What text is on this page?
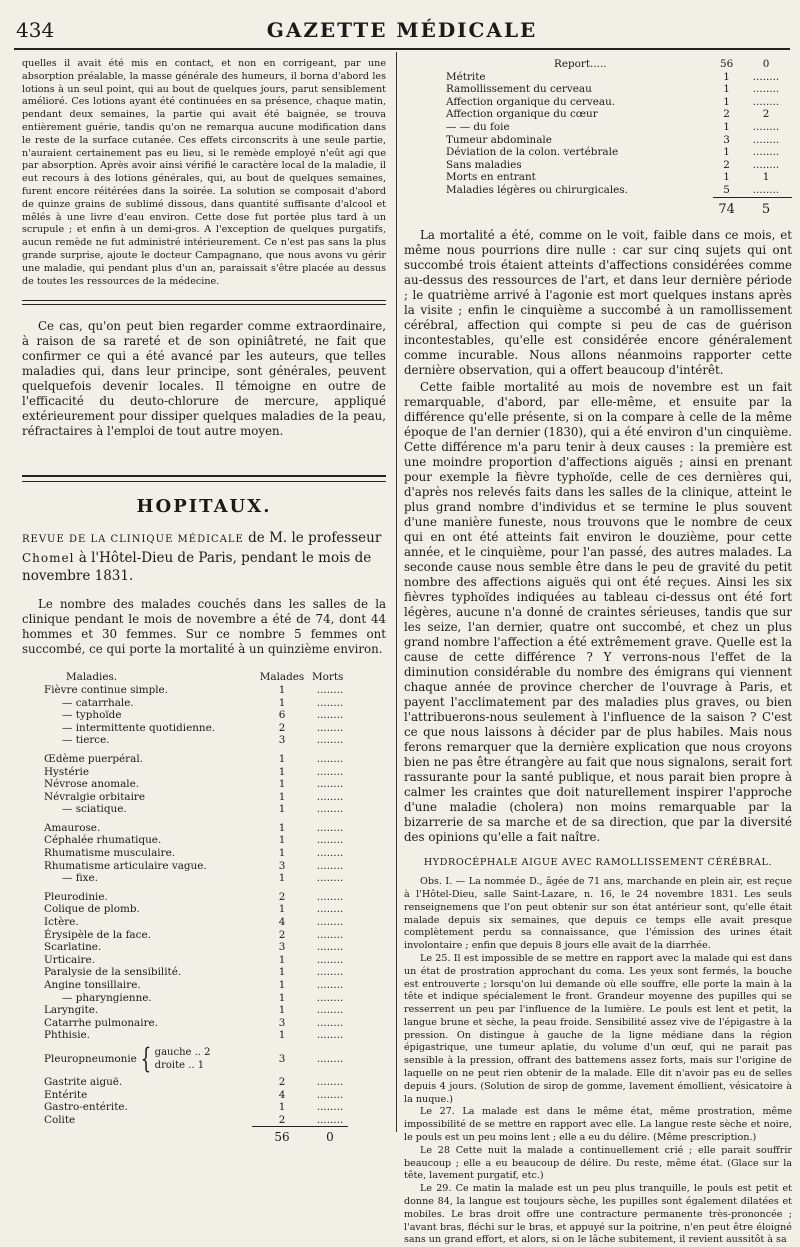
434	GAZETTE MÉDICALE

quelles il avait été mis en contact, et non en corrigeant, par une absorption préalable, la masse générale des humeurs, il borna d'abord les lotions à un seul point, qui au bout de quelques jours, parut sensiblement amélioré. Ces lotions ayant été continuées en sa présence, chaque matin, pendant deux semaines, la partie qui avait été baignée, se trouva entièrement guérie, tandis qu'on ne remarqua aucune modification dans le reste de la surface cutanée. Ces effets circonscrits à une seule partie, n'auraient certainement pas eu lieu, si le remède employé n'eût agi que par absorption. Après avoir ainsi vérifié le caractère local de la maladie, il eut recours à des lotions générales, qui, au bout de quelques semaines, furent encore réitérées dans la soirée. La solution se composait d'abord de quinze grains de sublimé dissous, dans quantité suffisante d'alcool et mêlés à une livre d'eau environ. Cette dose fut portée plus tard à un scrupule ; et enfin à un demi-gros. A l'exception de quelques purgatifs, aucun remède ne fut administré intérieurement. Ce n'est pas sans la plus grande surprise, ajoute le docteur Campagnano, que nous avons vu gérir une maladie, qui pendant plus d'un an, paraissait s'être placée au dessus de toutes les ressources de la médecine.

Ce cas, qu'on peut bien regarder comme extraordinaire, à raison de sa rareté et de son opiniâtreté, ne fait que confirmer ce qui a été avancé par les auteurs, que telles maladies qui, dans leur principe, sont générales, peuvent quelquefois devenir locales. Il témoigne en outre de l'efficacité du deuto-chlorure de mercure, appliqué extérieurement pour dissiper quelques maladies de la peau, réfractaires à l'emploi de tout autre moyen.

HOPITAUX.

REVUE DE LA CLINIQUE MÉDICALE de M. le professeur Chomel à l'Hôtel-Dieu de Paris, pendant le mois de novembre 1831.

Le nombre des malades couchés dans les salles de la clinique pendant le mois de novembre a été de 74, dont 44 hommes et 30 femmes. Sur ce nombre 5 femmes ont succombé, ce qui porte la mortalité à un quinzième environ.

Maladies.	Malades	Morts
Fièvre continue simple.	1	........
— catarrhale.	1	........
— typhoïde	6	........
— intermittente quotidienne.	2	........
— tierce.	3	........
Œdème puerpéral.	1	........
Hystérie	1	........
Névrose anomale.	1	........
Névralgie orbitaire	1	........
— sciatique.	1	........
Amaurose.	1	........
Céphalée rhumatique.	1	........
Rhumatisme musculaire.	1	........
Rhumatisme articulaire vague.	3	........
— fixe.	1	........
Pleurodinie.	2	........
Colique de plomb.	1	........
Ictère.	4	........
Érysipèle de la face.	2	........
Scarlatine.	3	........
Urticaire.	1	........
Paralysie de la sensibilité.	1	........
Angine tonsillaire.	1	........
— pharyngienne.	1	........
Laryngite.	1	........
Catarrhe pulmonaire.	3	........
Phthisie.	1	........
Pleuropneumonie { gauche .. 2
droite .. 1	3	........
Gastrite aiguë.	2	........
Entérite	4	........
Gastro-entérite.	1	........
Colite	2	........
	56	0
Report.....	56	0
Métrite	1	........
Ramollissement du cerveau	1	........
Affection organique du cerveau.	1	........
Affection organique du cœur	2	2
— — du foie	1	........
Tumeur abdominale	3	........
Déviation de la colon. vertébrale	1	........
Sans maladies	2	........
Morts en entrant	1	1
Maladies légères ou chirurgicales.	5	........
	74	5

La mortalité a été, comme on le voit, faible dans ce mois, et même nous pourrions dire nulle : car sur cinq sujets qui ont succombé trois étaient atteints d'affections considérées comme au-dessus des ressources de l'art, et dans leur dernière période ; le quatrième arrivé à l'agonie est mort quelques instans après la visite ; enfin le cinquième a succombé à un ramollissement cérébral, affection qui compte si peu de cas de guérison incontestables, qu'elle est considérée encore généralement comme incurable. Nous allons néanmoins rapporter cette dernière observation, qui a offert beaucoup d'intérêt.

Cette faible mortalité au mois de novembre est un fait remarquable, d'abord, par elle-même, et ensuite par la différence qu'elle présente, si on la compare à celle de la même époque de l'an dernier (1830), qui a été environ d'un cinquième. Cette différence m'a paru tenir à deux causes : la première est une moindre proportion d'affections aiguës ; ainsi en prenant pour exemple la fièvre typhoïde, celle de ces dernières qui, d'après nos relevés faits dans les salles de la clinique, atteint le plus grand nombre d'individus et se termine le plus souvent d'une manière funeste, nous trouvons que le nombre de ceux qui en ont été atteints fait environ le douzième, pour cette année, et le cinquième, pour l'an passé, des autres malades. La seconde cause nous semble être dans le peu de gravité du petit nombre des affections aiguës qui ont été reçues. Ainsi les six fièvres typhoïdes indiquées au tableau ci-dessus ont été fort légères, aucune n'a donné de craintes sérieuses, tandis que sur les seize, l'an dernier, quatre ont succombé, et chez un plus grand nombre l'affection a été extrêmement grave. Quelle est la cause de cette différence ? Y verrons-nous l'effet de la diminution considérable du nombre des émigrans qui viennent chaque année de province chercher de l'ouvrage à Paris, et payent l'acclimatement par des maladies plus graves, ou bien l'attribuerons-nous seulement à l'influence de la saison ? C'est ce que nous laissons à décider par de plus habiles. Mais nous ferons remarquer que la dernière explication que nous croyons bien ne pas être étrangère au fait que nous signalons, serait fort rassurante pour la santé publique, et nous parait bien propre à calmer les craintes que doit naturellement inspirer l'approche d'une maladie (cholera) non moins remarquable par la bizarrerie de sa marche et de sa direction, que par la diversité des opinions qu'elle a fait naître.

HYDROCÉPHALE AIGUE AVEC RAMOLLISSEMENT CÉRÉBRAL.

Obs. I. — La nommée D., âgée de 71 ans, marchande en plein air, est reçue à l'Hôtel-Dieu, salle Saint-Lazare, n. 16, le 24 novembre 1831. Les seuls renseignemens que l'on peut obtenir sur son état antérieur sont, qu'elle était malade depuis six semaines, que depuis ce temps elle avait presque complètement perdu sa connaissance, que l'émission des urines était involontaire ; enfin que depuis 8 jours elle avait de la diarrhée.

Le 25. Il est impossible de se mettre en rapport avec la malade qui est dans un état de prostration approchant du coma. Les yeux sont fermés, la bouche est entrouverte ; lorsqu'on lui demande où elle souffre, elle porte la main à la tête et indique spécialement le front. Grandeur moyenne des pupilles qui se resserrent un peu par l'influence de la lumière. Le pouls est lent et petit, la langue brune et sèche, la peau froide. Sensibilité assez vive de l'épigastre à la pression. On distingue à gauche de la ligne médiane dans la région épigastrique, une tumeur aplatie, du volume d'un œuf, qui ne parait pas sensible à la pression, offrant des battemens assez forts, mais sur l'origine de laquelle on ne peut rien obtenir de la malade. Elle dit n'avoir pas eu de selles depuis 4 jours. (Solution de sirop de gomme, lavement émollient, vésicatoire à la nuque.)

Le 27. La malade est dans le même état, même prostration, même impossibilité de se mettre en rapport avec elle. La langue reste sèche et noire, le pouls est un peu moins lent ; elle a eu du délire. (Même prescription.)

Le 28 Cette nuit la malade a continuellement crié ; elle parait souffrir beaucoup ; elle a eu beaucoup de délire. Du reste, même état. (Glace sur la tête, lavement purgatif, etc.)

Le 29. Ce matin la malade est un peu plus tranquille, le pouls est petit et donne 84, la langue est toujours sèche, les pupilles sont également dilatées et mobiles. Le bras droit offre une contracture permanente très-prononcée ; l'avant bras, fléchi sur le bras, et appuyé sur la poitrine, n'en peut être éloigné sans un grand effort, et alors, si on le lâche subitement, il revient aussitôt à sa
